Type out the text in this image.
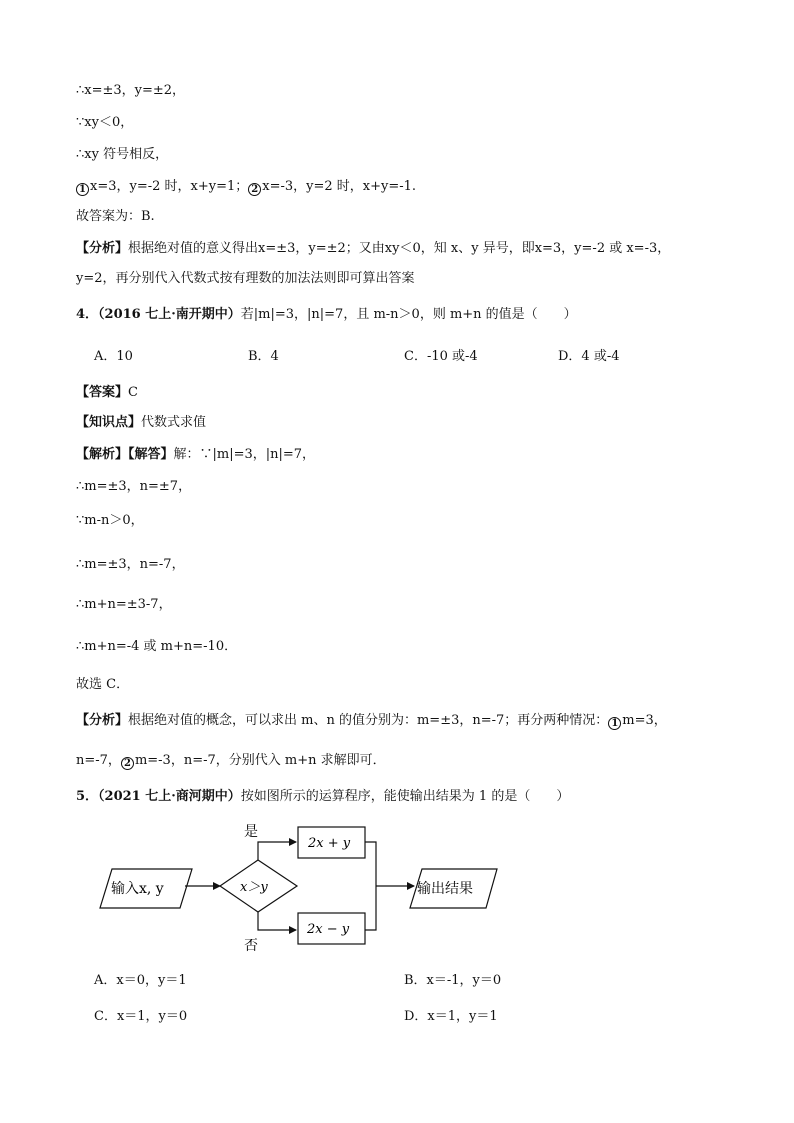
∴x=±3，y=±2，
∵xy＜0，
∴xy 符号相反，
1 x=3，y=-2 时，x+y=1； 2 x=-3，y=2 时，x+y=-1.
故答案为：B.
【分析】根据绝对值的意义得出x=±3，y=±2；又由xy＜0，知 x、y 异号，即x=3，y=-2 或 x=-3，
y=2，再分别代入代数式按有理数的加法法则即可算出答案
4．（2016 七上·南开期中）若|m|=3，|n|=7，且 m-n＞0，则 m+n 的值是（　　）
A．10	B．4	C．-10 或-4	D．4 或-4
【答案】C
【知识点】代数式求值
【解析】【解答】解：∵|m|=3，|n|=7，
∴m=±3，n=±7，
∵m-n＞0，
∴m=±3，n=-7，
∴m+n=±3-7，
∴m+n=-4 或 m+n=-10．
故选 C．
【分析】根据绝对值的概念，可以求出 m、n 的值分别为：m=±3，n=-7；再分两种情况： 1 m=3，
n=-7， 2 m=-3，n=-7，分别代入 m+n 求解即可．
5．（2021 七上·商河期中）按如图所示的运算程序，能使输出结果为 1 的是（　　）
输入x, y	x＞y
是
2x + y
否
2x − y
输出结果
A．x＝0，y＝1	B．x＝-1，y＝0
C．x＝1，y＝0	D．x＝1，y＝1
